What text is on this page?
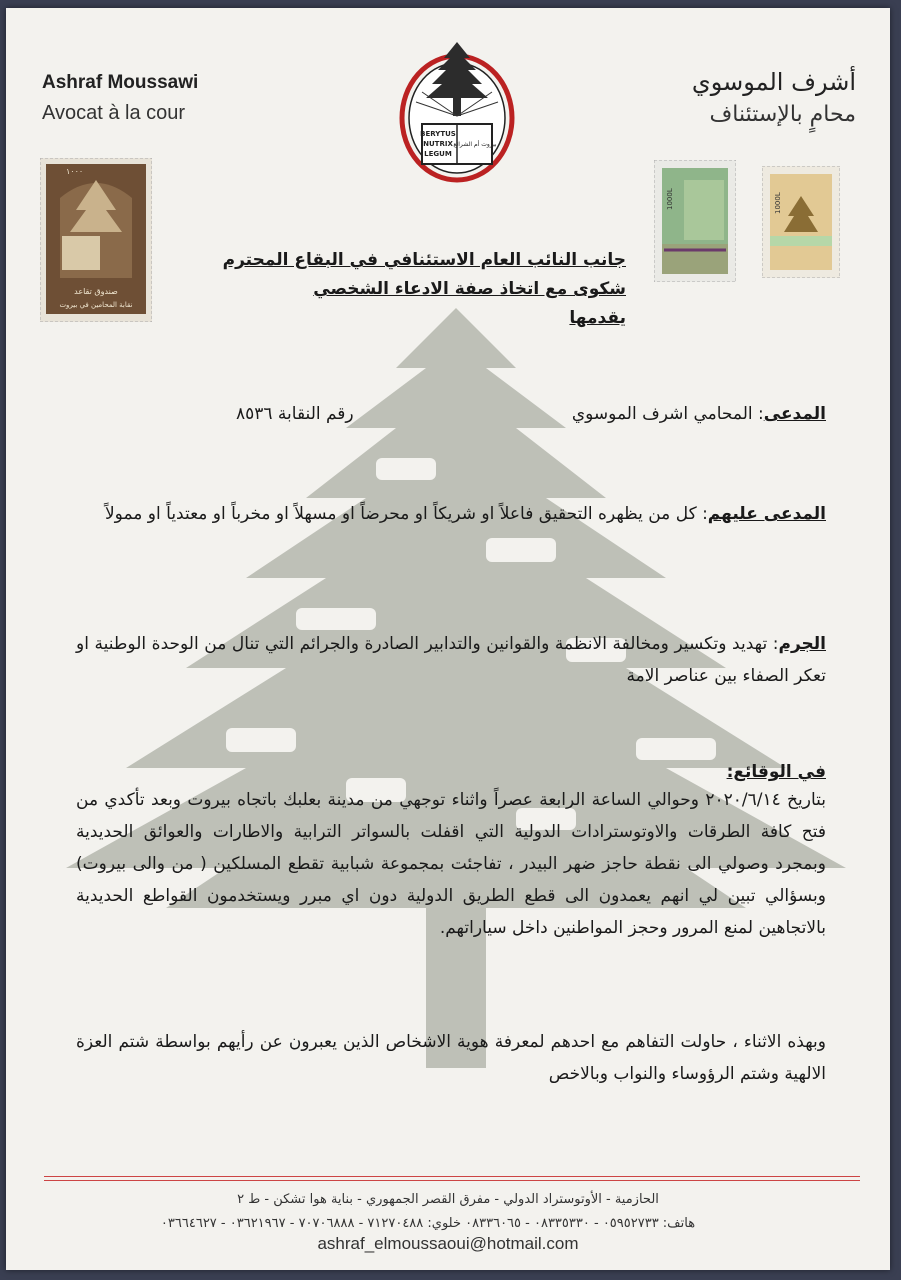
Ashraf Moussawi
Avocat à la cour
أشرف الموسوي
محامٍ بالإستئناف
BERYTUS
NUTRIX
LEGUM
بيروت أم الشرائع
١٠٠٠
صندوق تقاعد
نقابة المحامين في بيروت
1000L	1000L
جانب النائب العام الاستئنافي في البقاع المحترم
شكوى مع اتخاذ صفة الادعاء الشخصي
يقدمها
المدعى: المحامي اشرف الموسوي
رقم النقابة ٨٥٣٦
المدعى عليهم: كل من يظهره التحقيق فاعلاً او شريكاً او محرضاً او مسهلاً او مخرباً او معتدياً او ممولاً
الجرم: تهديد وتكسير ومخالفة الانظمة والقوانين والتدابير الصادرة والجرائم التي تنال من الوحدة الوطنية او تعكر الصفاء بين عناصر الامة
في الوقائع:
بتاريخ ٢٠٢٠/٦/١٤ وحوالي الساعة الرابعة عصراً واثناء توجهي من مدينة بعلبك باتجاه بيروت وبعد تأكدي من فتح كافة الطرقات والاوتوسترادات الدولية التي اقفلت بالسواتر الترابية والاطارات والعوائق الحديدية وبمجرد وصولي الى نقطة حاجز ضهر البيدر ، تفاجئت بمجموعة شبابية تقطع المسلكين ( من والى بيروت) وبسؤالي تبين لي انهم يعمدون الى قطع الطريق الدولية دون اي مبرر ويستخدمون القواطع الحديدية بالاتجاهين لمنع المرور وحجز المواطنين داخل سياراتهم.
وبهذه الاثناء ، حاولت التفاهم مع احدهم لمعرفة هوية الاشخاص الذين يعبرون عن رأيهم بواسطة شتم العزة الالهية وشتم الرؤوساء والنواب وبالاخص
الحازمية - الأوتوستراد الدولي - مفرق القصر الجمهوري - بناية هوا تشكن - ط ٢
هاتف: ٠٥٩٥٢٧٣٣ - ٠٨٣٣٥٣٣٠ - ٠٨٣٣٦٠٦٥ خلوي: ٧١٢٧٠٤٨٨ - ٧٠٧٠٦٨٨٨ - ٠٣٦٢١٩٦٧ - ٠٣٦٦٤٦٢٧
ashraf_elmoussaoui@hotmail.com
